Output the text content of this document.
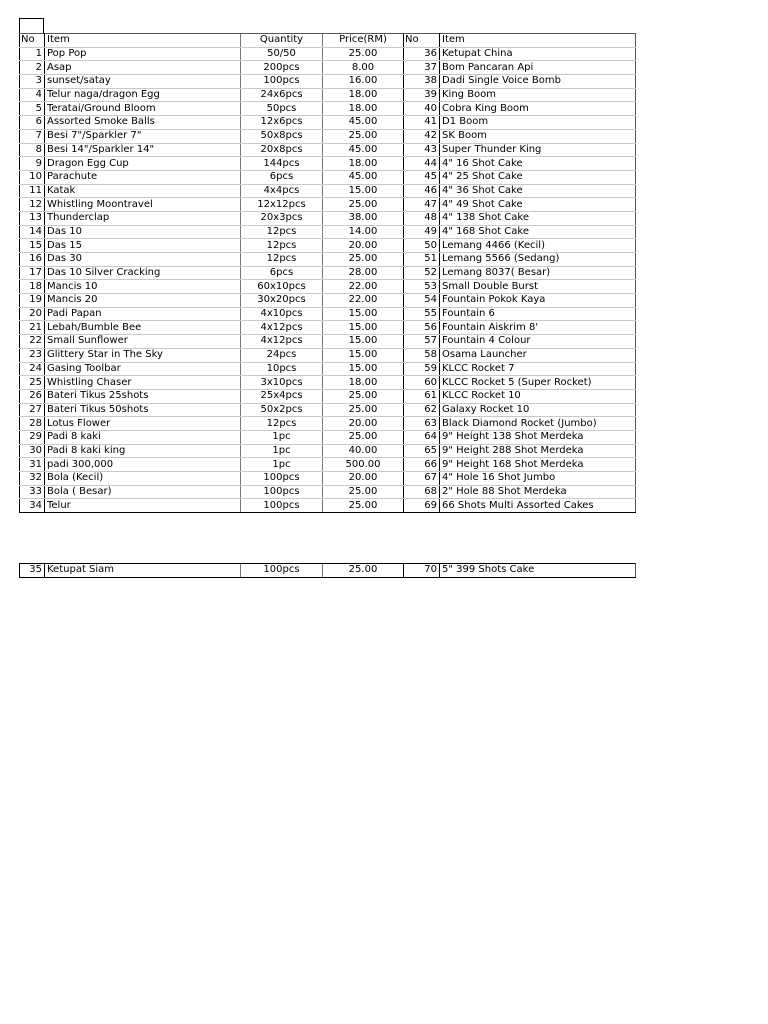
No	Item	Quantity	Price(RM)	No	Item
1	Pop Pop	50/50	25.00	36	Ketupat China
2	Asap	200pcs	8.00	37	Bom Pancaran Api
3	sunset/satay	100pcs	16.00	38	Dadi Single Voice Bomb
4	Telur naga/dragon Egg	24x6pcs	18.00	39	King Boom
5	Teratai/Ground Bloom	50pcs	18.00	40	Cobra King Boom
6	Assorted Smoke Balls	12x6pcs	45.00	41	D1 Boom
7	Besi 7"/Sparkler 7"	50x8pcs	25.00	42	SK Boom
8	Besi 14"/Sparkler 14"	20x8pcs	45.00	43	Super Thunder King
9	Dragon Egg Cup	144pcs	18.00	44	4" 16 Shot Cake
10	Parachute	6pcs	45.00	45	4" 25 Shot Cake
11	Katak	4x4pcs	15.00	46	4" 36 Shot Cake
12	Whistling Moontravel	12x12pcs	25.00	47	4" 49 Shot Cake
13	Thunderclap	20x3pcs	38.00	48	4" 138 Shot Cake
14	Das 10	12pcs	14.00	49	4" 168 Shot Cake
15	Das 15	12pcs	20.00	50	Lemang 4466 (Kecil)
16	Das 30	12pcs	25.00	51	Lemang 5566 (Sedang)
17	Das 10 Silver Cracking	6pcs	28.00	52	Lemang 8037( Besar)
18	Mancis 10	60x10pcs	22.00	53	Small Double Burst
19	Mancis 20	30x20pcs	22.00	54	Fountain Pokok Kaya
20	Padi Papan	4x10pcs	15.00	55	Fountain 6
21	Lebah/Bumble Bee	4x12pcs	15.00	56	Fountain Aiskrim 8'
22	Small Sunflower	4x12pcs	15.00	57	Fountain 4 Colour
23	Glittery Star in The Sky	24pcs	15.00	58	Osama Launcher
24	Gasing Toolbar	10pcs	15.00	59	KLCC Rocket 7
25	Whistling Chaser	3x10pcs	18.00	60	KLCC Rocket 5 (Super Rocket)
26	Bateri Tikus 25shots	25x4pcs	25.00	61	KLCC Rocket 10
27	Bateri Tikus 50shots	50x2pcs	25.00	62	Galaxy Rocket 10
28	Lotus Flower	12pcs	20.00	63	Black Diamond Rocket (Jumbo)
29	Padi 8 kaki	1pc	25.00	64	9" Height 138 Shot Merdeka
30	Padi 8 kaki king	1pc	40.00	65	9" Height 288 Shot Merdeka
31	padi 300,000	1pc	500.00	66	9" Height 168 Shot Merdeka
32	Bola (Kecil)	100pcs	20.00	67	4" Hole 16 Shot Jumbo
33	Bola ( Besar)	100pcs	25.00	68	2" Hole 88 Shot Merdeka
34	Telur	100pcs	25.00	69	66 Shots Multi Assorted Cakes
35	Ketupat Siam	100pcs	25.00	70	5" 399 Shots Cake
